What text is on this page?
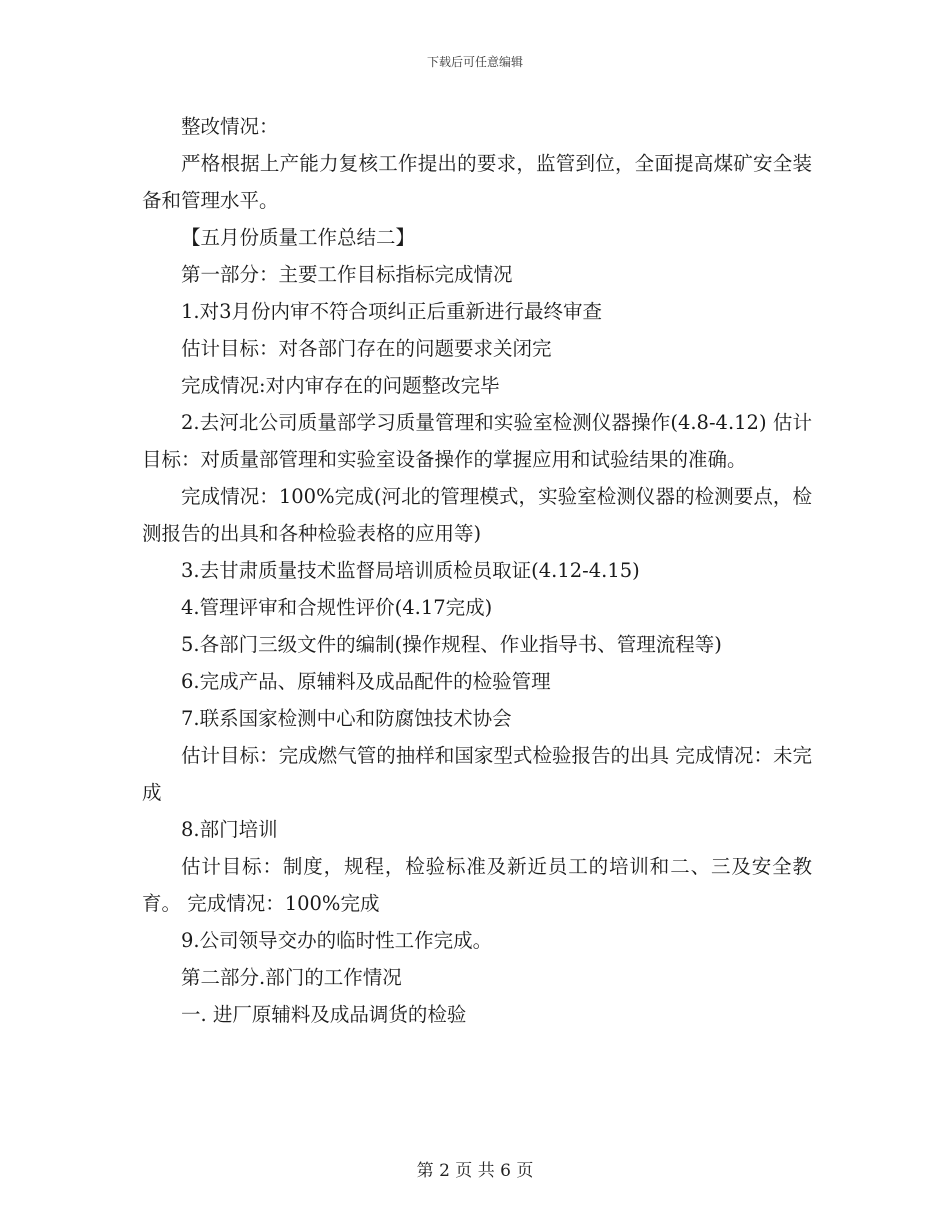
下载后可任意编辑

整改情况：

严格根据上产能力复核工作提出的要求，监管到位，全面提高煤矿安全装备和管理水平。

【五月份质量工作总结二】

第一部分：主要工作目标指标完成情况

1.对3月份内审不符合项纠正后重新进行最终审查

估计目标：对各部门存在的问题要求关闭完

完成情况:对内审存在的问题整改完毕

2.去河北公司质量部学习质量管理和实验室检测仪器操作(4.8-4.12) 估计目标：对质量部管理和实验室设备操作的掌握应用和试验结果的准确。

完成情况：100%完成(河北的管理模式，实验室检测仪器的检测要点，检测报告的出具和各种检验表格的应用等)

3.去甘肃质量技术监督局培训质检员取证(4.12-4.15)

4.管理评审和合规性评价(4.17完成)

5.各部门三级文件的编制(操作规程、作业指导书、管理流程等)

6.完成产品、原辅料及成品配件的检验管理

7.联系国家检测中心和防腐蚀技术协会

估计目标：完成燃气管的抽样和国家型式检验报告的出具 完成情况：未完成

8.部门培训

估计目标：制度，规程，检验标准及新近员工的培训和二、三及安全教育。 完成情况：100%完成

9.公司领导交办的临时性工作完成。

第二部分.部门的工作情况

一. 进厂原辅料及成品调货的检验

第 2 页 共 6 页
